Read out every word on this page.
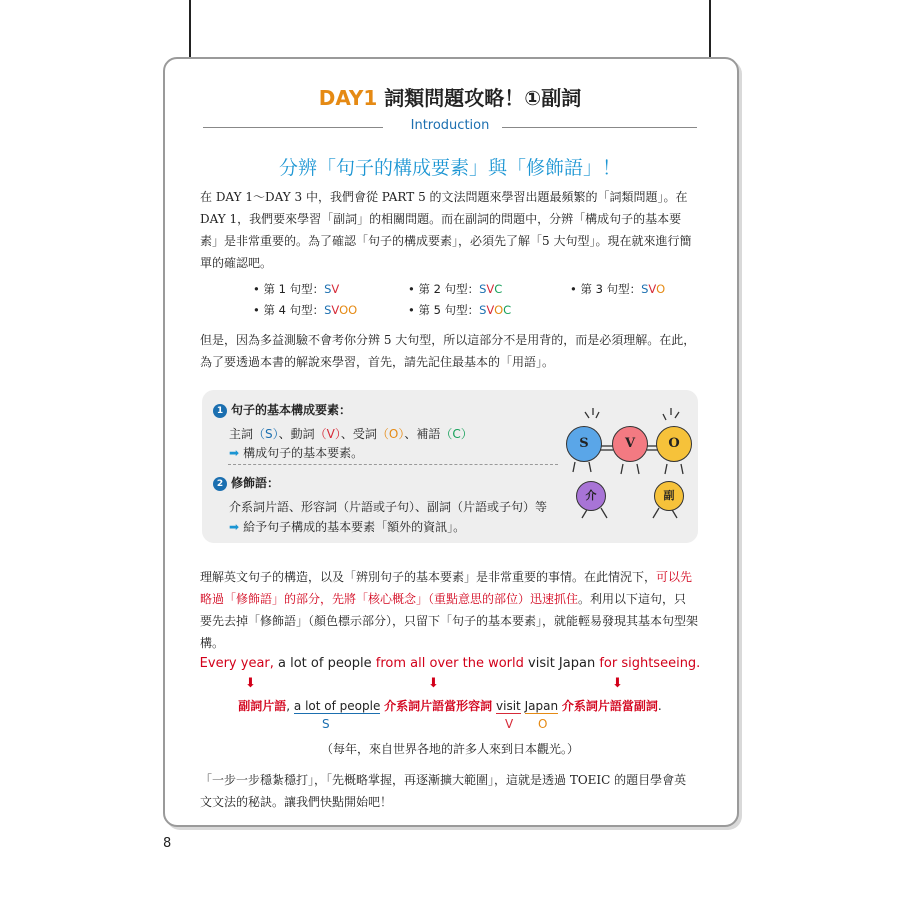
DAY1 詞類問題攻略！①副詞
Introduction
分辨「句子的構成要素」與「修飾語」！
在 DAY 1～DAY 3 中，我們會從 PART 5 的文法問題來學習出題最頻繁的「詞類問題」。在 DAY 1，我們要來學習「副詞」的相關問題。而在副詞的問題中，分辨「構成句子的基本要素」是非常重要的。為了確認「句子的構成要素」，必須先了解「5 大句型」。現在就來進行簡單的確認吧。
• 第 1 句型：SV	• 第 2 句型：SVC	• 第 3 句型：SVO
• 第 4 句型：SVOO	• 第 5 句型：SVOC
但是，因為多益測驗不會考你分辨 5 大句型，所以這部分不是用背的，而是必須理解。在此，為了要透過本書的解說來學習，首先，請先記住最基本的「用語」。
1 句子的基本構成要素：
主詞（S）、動詞（V）、受詞（O）、補語（C）
➡ 構成句子的基本要素。
2 修飾語：
介系詞片語、形容詞（片語或子句）、副詞（片語或子句）等
➡ 給予句子構成的基本要素「額外的資訊」。
S	V	O
介	副
理解英文句子的構造，以及「辨別句子的基本要素」是非常重要的事情。在此情況下，可以先略過「修飾語」的部分，先將「核心概念」（重點意思的部位）迅速抓住。利用以下這句，只要先去掉「修飾語」（顏色標示部分），只留下「句子的基本要素」，就能輕易發現其基本句型架構。
Every year, a lot of people from all over the world visit Japan for sightseeing.
⬇	⬇	⬇
副詞片語, a lot of people 介系詞片語當形容詞 visit Japan 介系詞片語當副詞.
S	V O
（每年，來自世界各地的許多人來到日本觀光。）
「一步一步穩紮穩打」，「先概略掌握，再逐漸擴大範圍」，這就是透過 TOEIC 的題目學會英文文法的秘訣。讓我們快點開始吧！
8
